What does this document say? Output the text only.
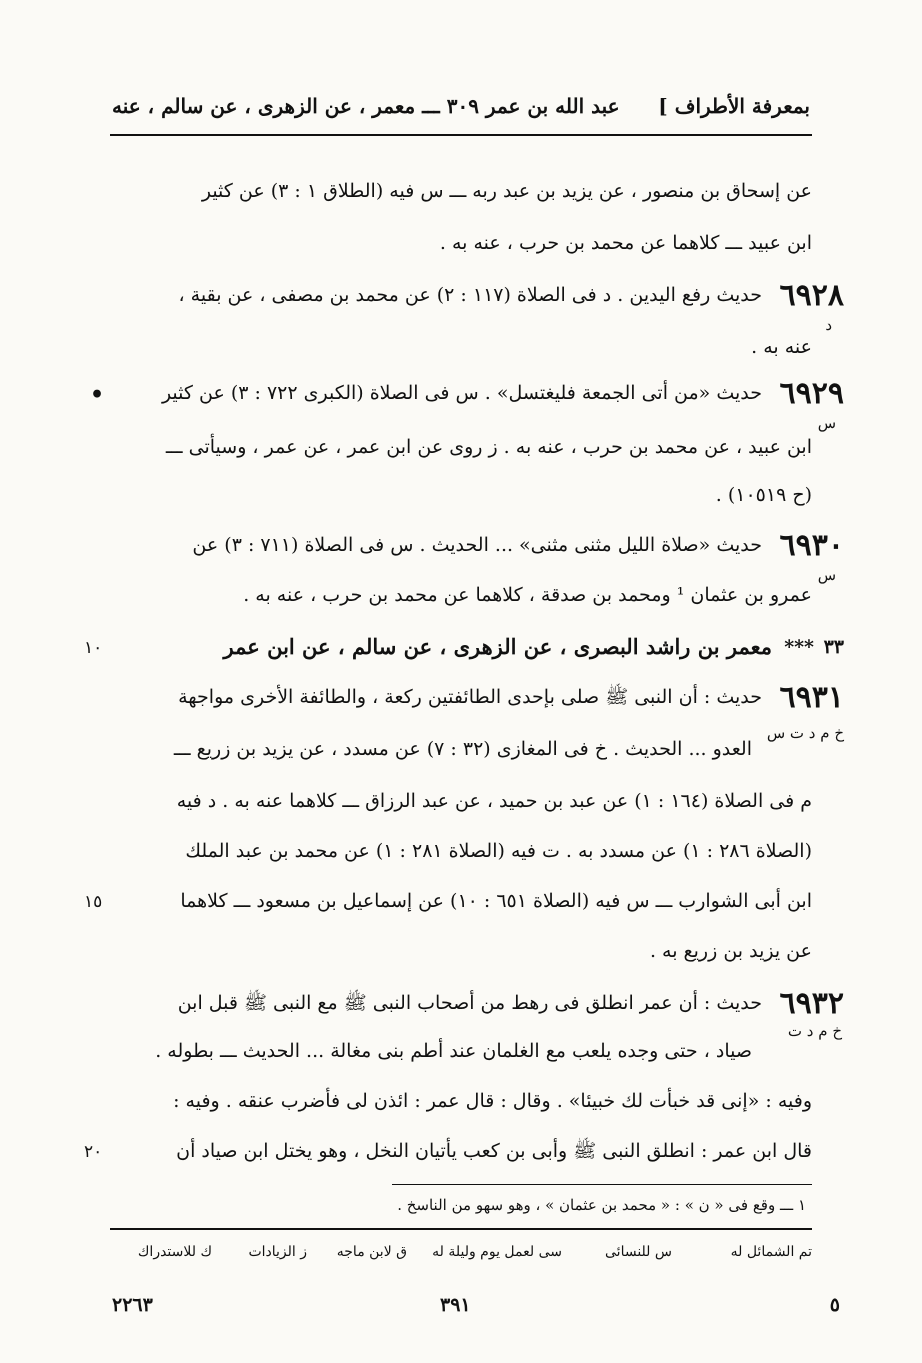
بمعرفة الأطراف ]
عبد الله بن عمر ٣٠٩ ـــ معمر ، عن الزهرى ، عن سالم ، عنه
عن إسحاق بن منصور ، عن يزيد بن عبد ربه ـــ س فيه (الطلاق ١ : ٣) عن كثير
ابن عبيد ـــ كلاهما عن محمد بن حرب ، عنه به .
٦٩٢٨
حديث رفع اليدين . د فى الصلاة (١١٧ : ٢) عن محمد بن مصفى ، عن بقية ،
د
عنه به .
•	٦٩٢٩
حديث «من أتى الجمعة فليغتسل» . س فى الصلاة (الكبرى ٧٢٢ : ٣) عن كثير
س
ابن عبيد ، عن محمد بن حرب ، عنه به . ز روى عن ابن عمر ، عن عمر ، وسيأتى ـــ
(ح ١٠٥١٩) .
٦٩٣٠
حديث «صلاة الليل مثنى مثنى» ... الحديث . س فى الصلاة (٧١١ : ٣) عن
س
عمرو بن عثمان ¹ ومحمد بن صدقة ، كلاهما عن محمد بن حرب ، عنه به .
٣٣
***
معمر بن راشد البصرى ، عن الزهرى ، عن سالم ، عن ابن عمر
١٠
٦٩٣١
حديث : أن النبى ﷺ صلى بإحدى الطائفتين ركعة ، والطائفة الأخرى مواجهة
خ م د ت س
العدو ... الحديث . خ فى المغازى (٣٢ : ٧) عن مسدد ، عن يزيد بن زريع ـــ
م فى الصلاة (١٦٤ : ١) عن عبد بن حميد ، عن عبد الرزاق ـــ كلاهما عنه به . د فيه
(الصلاة ٢٨٦ : ١) عن مسدد به . ت فيه (الصلاة ٢٨١ : ١) عن محمد بن عبد الملك
ابن أبى الشوارب ـــ س فيه (الصلاة ٦٥١ : ١٠) عن إسماعيل بن مسعود ـــ كلاهما
١٥
عن يزيد بن زريع به .
٦٩٣٢
حديث : أن عمر انطلق فى رهط من أصحاب النبى ﷺ مع النبى ﷺ قبل ابن
خ م د ت
صياد ، حتى وجده يلعب مع الغلمان عند أطم بنى مغالة ... الحديث ـــ بطوله .
وفيه : «إنى قد خبأت لك خبيئا» . وقال : قال عمر : ائذن لى فأضرب عنقه . وفيه :
قال ابن عمر : انطلق النبى ﷺ وأبى بن كعب يأتيان النخل ، وهو يختل ابن صياد أن
٢٠
١ ـــ وقع فى « ن » : « محمد بن عثمان » ، وهو سهو من الناسخ .
تم الشمائل له
س للنسائى
سى لعمل يوم وليلة له
ق لابن ماجه
ز الزيادات
ك للاستدراك
٥
٣٩١
٢٢٦٣
